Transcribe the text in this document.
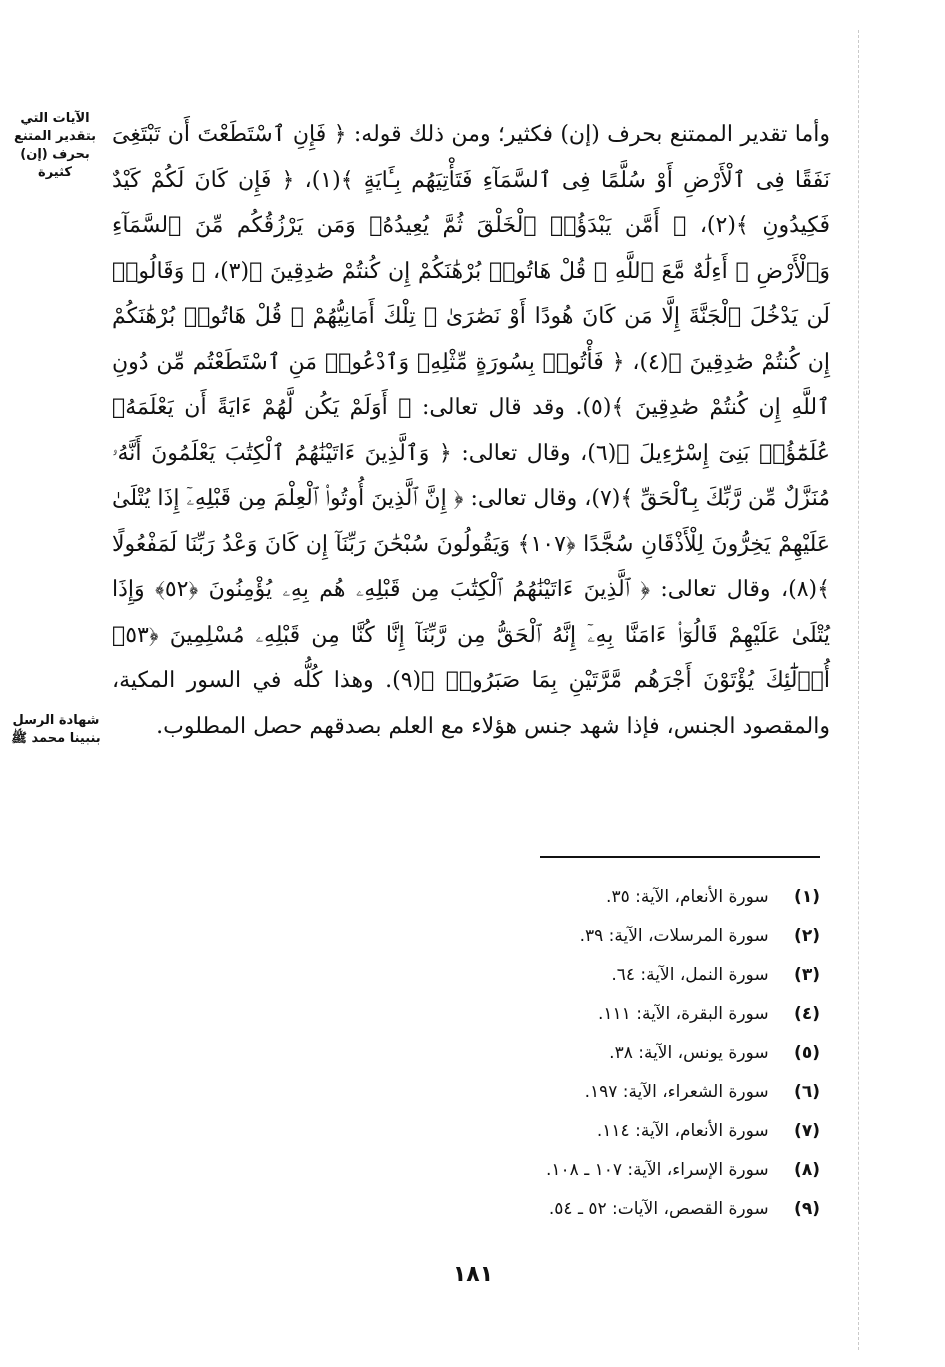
الآيات التي بتقدير المتنع بحرف (إن) كثيرة
شهادة الرسل بنبينا محمد ﷺ

وأما تقدير الممتنع بحرف (إن) فكثير؛ ومن ذلك قوله: ﴿ فَإِنِ ٱسْتَطَعْتَ أَن تَبْتَغِىَ نَفَقًا فِى ٱلْأَرْضِ أَوْ سُلَّمًا فِى ٱلسَّمَآءِ فَتَأْتِيَهُم بِـَٔايَةٍ ﴾(١)، ﴿ فَإِن كَانَ لَكُمْ كَيْدٌ فَكِيدُونِ ﴾(٢)، ﴿ أَمَّن يَبْدَؤُا۟ ٱلْخَلْقَ ثُمَّ يُعِيدُهُۥ وَمَن يَرْزُقُكُم مِّنَ ٱلسَّمَآءِ وَٱلْأَرْضِ ۗ أَءِلَٰهٌ مَّعَ ٱللَّهِ ۚ قُلْ هَاتُوا۟ بُرْهَٰنَكُمْ إِن كُنتُمْ صَٰدِقِينَ ﴾(٣)، ﴿ وَقَالُوا۟ لَن يَدْخُلَ ٱلْجَنَّةَ إِلَّا مَن كَانَ هُودًا أَوْ نَصَٰرَىٰ ۗ تِلْكَ أَمَانِيُّهُمْ ۗ قُلْ هَاتُوا۟ بُرْهَٰنَكُمْ إِن كُنتُمْ صَٰدِقِينَ ﴾(٤)، ﴿ فَأْتُوا۟ بِسُورَةٍ مِّثْلِهِۦ وَٱدْعُوا۟ مَنِ ٱسْتَطَعْتُم مِّن دُونِ ٱللَّهِ إِن كُنتُمْ صَٰدِقِينَ ﴾(٥). وقد قال تعالى: ﴿ أَوَلَمْ يَكُن لَّهُمْ ءَايَةً أَن يَعْلَمَهُۥ عُلَمَٰٓؤُا۟ بَنِىٓ إِسْرَٰٓءِيلَ ﴾(٦)، وقال تعالى: ﴿ وَٱلَّذِينَ ءَاتَيْنَٰهُمُ ٱلْكِتَٰبَ يَعْلَمُونَ أَنَّهُۥ مُنَزَّلٌ مِّن رَّبِّكَ بِٱلْحَقِّ ﴾(٧)، وقال تعالى: ﴿ إِنَّ ٱلَّذِينَ أُوتُوا۟ ٱلْعِلْمَ مِن قَبْلِهِۦٓ إِذَا يُتْلَىٰ عَلَيْهِمْ يَخِرُّونَ لِلْأَذْقَانِ سُجَّدًا ﴿١٠٧﴾ وَيَقُولُونَ سُبْحَٰنَ رَبِّنَآ إِن كَانَ وَعْدُ رَبِّنَا لَمَفْعُولًا ﴾(٨)، وقال تعالى: ﴿ ٱلَّذِينَ ءَاتَيْنَٰهُمُ ٱلْكِتَٰبَ مِن قَبْلِهِۦ هُم بِهِۦ يُؤْمِنُونَ ﴿٥٢﴾ وَإِذَا يُتْلَىٰ عَلَيْهِمْ قَالُوٓا۟ ءَامَنَّا بِهِۦٓ إِنَّهُ ٱلْحَقُّ مِن رَّبِّنَآ إِنَّا كُنَّا مِن قَبْلِهِۦ مُسْلِمِينَ ﴿٥٣﴾ أُو۟لَٰٓئِكَ يُؤْتَوْنَ أَجْرَهُم مَّرَّتَيْنِ بِمَا صَبَرُوا۟ ﴾(٩). وهذا كُلُّه في السور المكية، والمقصود الجنس، فإذا شهد جنس هؤلاء مع العلم بصدقهم حصل المطلوب.

(١) سورة الأنعام، الآية: ٣٥.
(٢) سورة المرسلات، الآية: ٣٩.
(٣) سورة النمل، الآية: ٦٤.
(٤) سورة البقرة، الآية: ١١١.
(٥) سورة يونس، الآية: ٣٨.
(٦) سورة الشعراء، الآية: ١٩٧.
(٧) سورة الأنعام، الآية: ١١٤.
(٨) سورة الإسراء، الآية: ١٠٧ ـ ١٠٨.
(٩) سورة القصص، الآيات: ٥٢ ـ ٥٤.
١٨١
